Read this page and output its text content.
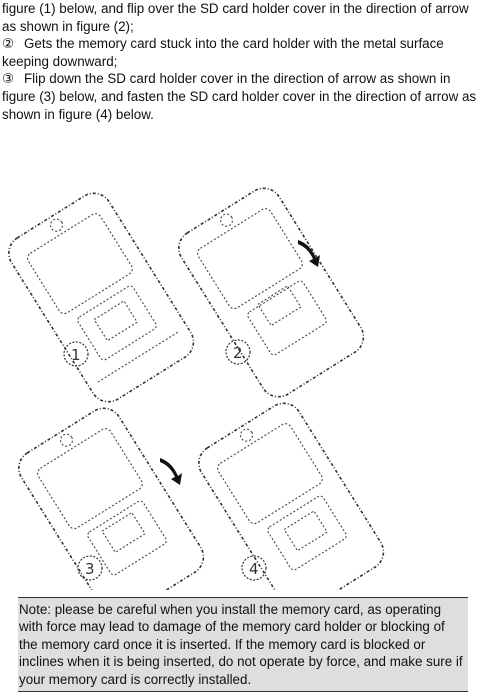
figure (1) below, and flip over the SD card holder cover in the direction of arrow as shown in figure (2);

② Gets the memory card stuck into the card holder with the metal surface keeping downward;

③ Flip down the SD card holder cover in the direction of arrow as shown in figure (3) below, and fasten the SD card holder cover in the direction of arrow as shown in figure (4) below.

1	2
3	4
Note: please be careful when you install the memory card, as operating with force may lead to damage of the memory card holder or blocking of the memory card once it is inserted. If the memory card is blocked or inclines when it is being inserted, do not operate by force, and make sure if your memory card is correctly installed.
